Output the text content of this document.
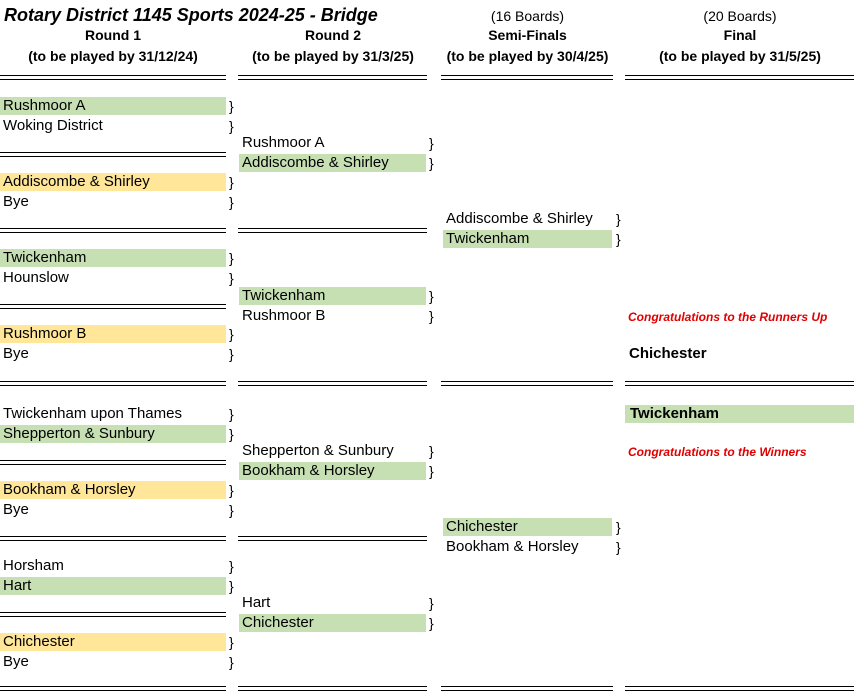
Rotary District 1145 Sports 2024-25 - Bridge
Round 1
(to be played by 31/12/24)
Round 2
(to be played by 31/3/25)
(16 Boards)
Semi-Finals
(to be played by 30/4/25)
(20 Boards)
Final
(to be played by 31/5/25)
Rushmoor A	}
Woking District	}
Addiscombe & Shirley	}
Bye	}
Twickenham	}
Hounslow	}
Rushmoor B	}
Bye	}
Twickenham upon Thames	}
Shepperton & Sunbury	}
Bookham & Horsley	}
Bye	}
Horsham	}
Hart	}
Chichester	}
Bye	}
Rushmoor A	}
Addiscombe & Shirley	}
Twickenham	}
Rushmoor B	}
Shepperton & Sunbury	}
Bookham & Horsley	}
Hart	}
Chichester	}
Addiscombe & Shirley	}
Twickenham	}
Chichester	}
Bookham & Horsley	}
Congratulations to the Runners Up
Chichester
Twickenham
Congratulations to the Winners
